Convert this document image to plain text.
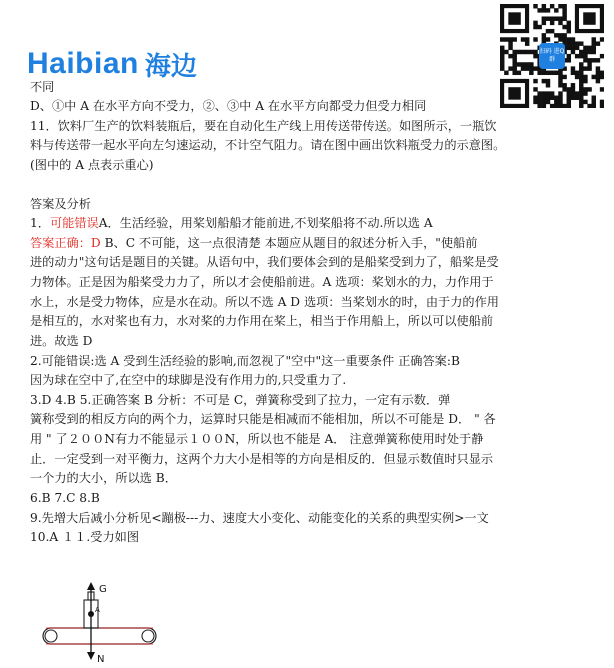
Haibian 海边	扫码 进Q群
不同
D、①中 A 在水平方向不受力，②、③中 A 在水平方向都受力但受力相同
11．饮料厂生产的饮料装瓶后，要在自动化生产线上用传送带传送。如图所示，一瓶饮
料与传送带一起水平向左匀速运动，不计空气阻力。请在图中画出饮料瓶受力的示意图。
(图中的 A 点表示重心)
答案及分析
1．可能错误A．生活经验，用桨划船船才能前进,不划桨船将不动.所以选 A
答案正确：D B、C 不可能，这一点很清楚 本题应从题目的叙述分析入手，"使船前
进的动力"这句话是题目的关键。从语句中，我们要体会到的是船桨受到力了，船桨是受
力物体。正是因为船桨受力力了，所以才会使船前进。A 选项：桨划水的力，力作用于
水上，水是受力物体，应是水在动。所以不选 A D 选项：当桨划水的时，由于力的作用
是相互的，水对桨也有力，水对桨的力作用在桨上，相当于作用船上，所以可以使船前
进。故选 D
2.可能错误:选 A 受到生活经验的影响,而忽视了"空中"这一重要条件 正确答案:B
因为球在空中了,在空中的球脚是没有作用力的,只受重力了.
3.D 4.B 5.正确答案 B 分析：不可是 C，弹簧称受到了拉力，一定有示数．弹
簧称受到的相反方向的两个力，运算时只能是相减而不能相加，所以不可能是 D． " 各
用 " 了２００N有力不能显示１００N，所以也不能是 A． 注意弹簧称使用时处于静
止．一定受到一对平衡力，这两个力大小是相等的方向是相反的．但显示数值时只显示
一个力的大小，所以选 B．
6.B 7.C 8.B
9.先增大后减小分析见<蹦极---力、速度大小变化、动能变化的关系的典型实例>一文
10.A １１.受力如图
G
N
A
